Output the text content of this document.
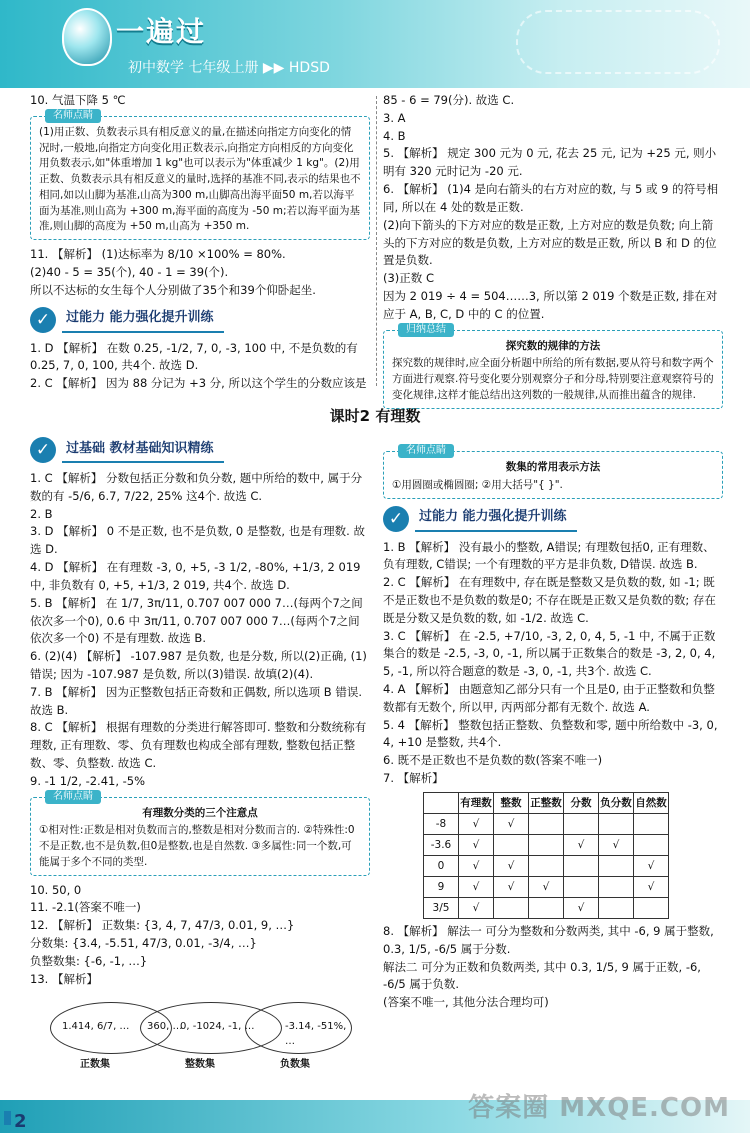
一遍过
初中数学 七年级上册 ▶▶ HDSD

10. 气温下降 5 ℃

名师点睛

(1)用正数、负数表示具有相反意义的量,在描述向指定方向变化的情况时,一般地,向指定方向变化用正数表示,向指定方向相反的方向变化用负数表示,如"体重增加 1 kg"也可以表示为"体重减少 1 kg"。(2)用正数、负数表示具有相反意义的量时,选择的基准不同,表示的结果也不相同,如以山脚为基准,山高为300 m,山脚高出海平面50 m,若以海平面为基准,则山高为 +300 m,海平面的高度为 -50 m;若以海平面为基准,则山脚的高度为 +50 m,山高为 +350 m.

11. 【解析】 (1)达标率为 8/10 ×100% = 80%.

(2)40 - 5 = 35(个), 40 - 1 = 39(个).

所以不达标的女生每个人分别做了35个和39个仰卧起坐.

✓	过能力 能力强化提升训练

1. D 【解析】 在数 0.25, -1/2, 7, 0, -3, 100 中, 不是负数的有 0.25, 7, 0, 100, 共4个. 故选 D.

2. C 【解析】 因为 88 分记为 +3 分, 所以这个学生的分数应该是

85 - 6 = 79(分). 故选 C.

3. A

4. B

5. 【解析】 规定 300 元为 0 元, 花去 25 元, 记为 +25 元, 则小明有 320 元时记为 -20 元.

6. 【解析】 (1)4 是向右箭头的右方对应的数, 与 5 或 9 的符号相同, 所以在 4 处的数是正数.

(2)向下箭头的下方对应的数是正数, 上方对应的数是负数; 向上箭头的下方对应的数是负数, 上方对应的数是正数, 所以 B 和 D 的位置是负数.

(3)正数 C

因为 2 019 ÷ 4 = 504……3, 所以第 2 019 个数是正数, 排在对应于 A, B, C, D 中的 C 的位置.

归纳总结

探究数的规律的方法

探究数的规律时,应全面分析题中所给的所有数据,要从符号和数字两个方面进行观察.符号变化要分别观察分子和分母,特别要注意观察符号的变化规律,这样才能总结出这列数的一般规律,从而推出蕴含的规律.

课时2 有理数
✓	过基础 教材基础知识精练

1. C 【解析】 分数包括正分数和负分数, 题中所给的数中, 属于分数的有 -5/6, 6.7, 7/22, 25% 这4个. 故选 C.

2. B

3. D 【解析】 0 不是正数, 也不是负数, 0 是整数, 也是有理数. 故选 D.

4. D 【解析】 在有理数 -3, 0, +5, -3 1/2, -80%, +1/3, 2 019 中, 非负数有 0, +5, +1/3, 2 019, 共4个. 故选 D.

5. B 【解析】 在 1/7, 3π/11, 0.707 007 000 7…(每两个7之间依次多一个0), 0.6 中 3π/11, 0.707 007 000 7…(每两个7之间依次多一个0) 不是有理数. 故选 B.

6. (2)(4) 【解析】 -107.987 是负数, 也是分数, 所以(2)正确, (1)错误; 因为 -107.987 是负数, 所以(3)错误. 故填(2)(4).

7. B 【解析】 因为正整数包括正奇数和正偶数, 所以选项 B 错误. 故选 B.

8. C 【解析】 根据有理数的分类进行解答即可. 整数和分数统称有理数, 正有理数、零、负有理数也构成全部有理数, 整数包括正整数、零、负整数. 故选 C.

9. -1 1/2, -2.41, -5%

名师点睛

有理数分类的三个注意点

①相对性:正数是相对负数而言的,整数是相对分数而言的. ②特殊性:0不是正数,也不是负数,但0是整数,也是自然数. ③多属性:同一个数,可能属于多个不同的类型.

10. 50, 0

11. -2.1(答案不唯一)

12. 【解析】 正数集: {3, 4, 7, 47/3, 0.01, 9, …}

分数集: {3.4, -5.51, 47/3, 0.01, -3/4, …}

负整数集: {-6, -1, …}

13. 【解析】

1.414, 6/7, … 360, …
0, -1024, -1, …	-3.14, -51%, …
正数集	整数集	负数集
名师点睛

数集的常用表示方法

①用圆圈或椭圆圈; ②用大括号"{ }".

✓	过能力 能力强化提升训练

1. B 【解析】 没有最小的整数, A错误; 有理数包括0, 正有理数、负有理数, C错误; 一个有理数的平方是非负数, D错误. 故选 B.

2. C 【解析】 在有理数中, 存在既是整数又是负数的数, 如 -1; 既不是正数也不是负数的数是0; 不存在既是正数又是负数的数; 存在既是分数又是负数的数, 如 -1/2. 故选 C.

3. C 【解析】 在 -2.5, +7/10, -3, 2, 0, 4, 5, -1 中, 不属于正数集合的数是 -2.5, -3, 0, -1, 所以属于正数集合的数是 -3, 2, 0, 4, 5, -1, 所以符合题意的数是 -3, 0, -1, 共3个. 故选 C.

4. A 【解析】 由题意知乙部分只有一个且是0, 由于正整数和负整数都有无数个, 所以甲, 丙两部分都有无数个. 故选 A.

5. 4 【解析】 整数包括正整数、负整数和零, 题中所给数中 -3, 0, 4, +10 是整数, 共4个.

6. 既不是正数也不是负数的数(答案不唯一)

7. 【解析】

	有理数	整数	正整数	分数	负分数	自然数
-8	√	√				
-3.6	√			√	√	
0	√	√				√
9	√	√	√			√
3/5	√			√		

8. 【解析】 解法一 可分为整数和分数两类, 其中 -6, 9 属于整数, 0.3, 1/5, -6/5 属于分数.

解法二 可分为正数和负数两类, 其中 0.3, 1/5, 9 属于正数, -6, -6/5 属于负数.

(答案不唯一, 其他分法合理均可)

2	答案圈 MXQE.COM
